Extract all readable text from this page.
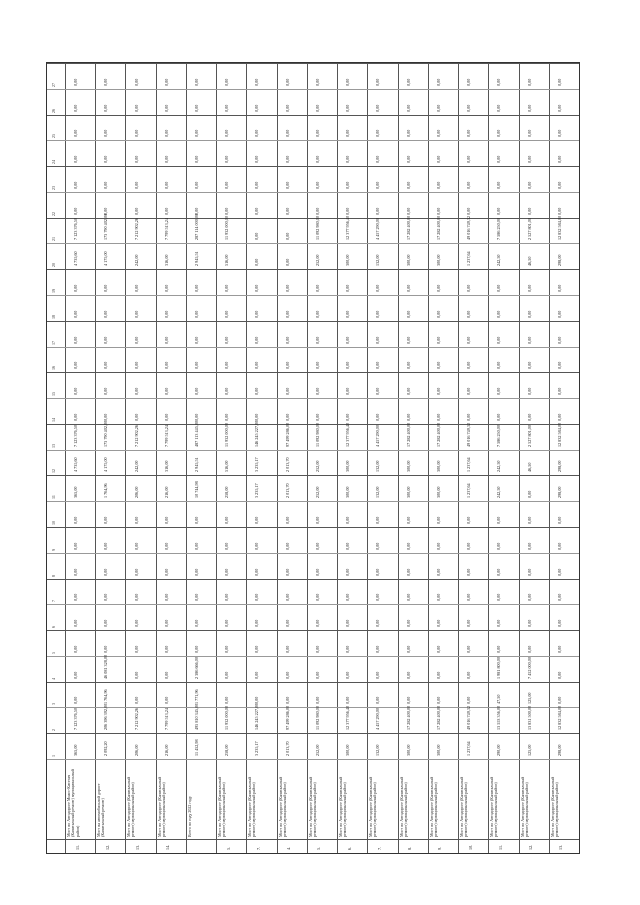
1
2
3
4
5
6
7
8
9
10
11
12
13
14
15
16
17
18
19
20
21
22
23
24
25
26
27
11.
Мост по Автодороге Миасс-Кисегач (Капитальный ремонт) муниципальный район)
365,00
7 123 376,50
0,00
0,00
0,00
0,00
0,00
0,00
0,00
0,00
365,00
4 735,60
7 123 376,50
0,00
0,00
0,00
0,00
0,00
0,00
4 735,60
7 123 376,50
0,00
0,00
0,00
0,00
0,00
0,00
12.
Мост на автомобильной дороге (Капитальный ремонт)
2 092,20
206 396 392,00
1 764,96
46 081 328,00
0,00
0,00
0,00
0,00
0,00
0,00
1 764,96
4 175,00
173 790 402,00
0,00
0,00
0,00
0,00
0,00
0,00
4 175,00
173 790 402,00
0,00
0,00
0,00
0,00
0,00
0,00
13.
Мост по Автодороге (Капитальный ремонт) муниципальный район)
206,00
7 212 902,26
0,00
0,00
0,00
0,00
0,00
0,00
0,00
0,00
206,00
242,00
7 212 902,26
0,00
0,00
0,00
0,00
0,00
0,00
242,00
7 212 902,26
0,00
0,00
0,00
0,00
0,00
0,00
14.
Мост по Автодороге (Капитальный ремонт) муниципальный район)
216,00
7 799 513,24
0,00
0,00
0,00
0,00
0,00
0,00
0,00
0,00
216,00
316,00
7 799 513,24
0,00
0,00
0,00
0,00
0,00
0,00
316,00
7 799 513,24
0,00
0,00
0,00
0,00
0,00
0,00
Всего по году 2022 году
11 452,98
495 810 345,00
1 771,96
2 386 666,00
0,00
0,00
0,00
0,00
0,00
0,00
10 744,98
2 945,51
487 113 445,00
0,00
0,00
0,00
0,00
0,00
0,00
2 945,51
287 114 000,00
0,00
0,00
0,00
0,00
0,00
0,00
5.
Мост по Автодороге (Капитальный ремонт) муниципальный район)
258,00
11 932 000,00
0,00
0,00
0,00
0,00
0,00
0,00
0,00
0,00
258,00
516,00
11 932 000,00
0,00
0,00
0,00
0,00
0,00
0,00
516,00
11 932 000,00
0,00
0,00
0,00
0,00
0,00
0,00
7.
Мост по Автодороге (Капитальный ремонт) муниципальный район)
3 235,17
146 245 227,00
0,00
0,00
0,00
0,00
0,00
0,00
0,00
0,00
3 235,17
3 235,17
146 245 227,00
0,00
0,00
0,00
0,00
0,00
0,00
0,00
0,00
0,00
0,00
0,00
0,00
0,00
0,00
4.
Мост по Автодороге (Капитальный ремонт) муниципальный район)
2 013,70
97 499 286,00
0,00
0,00
0,00
0,00
0,00
0,00
0,00
0,00
2 013,70
2 013,70
97 499 286,00
0,00
0,00
0,00
0,00
0,00
0,00
0,00
0,00
0,00
0,00
0,00
0,00
0,00
0,00
5.
Мост по Автодороге (Капитальный ремонт) муниципальный район)
252,00
11 092 980,00
0,00
0,00
0,00
0,00
0,00
0,00
0,00
0,00
252,00
252,00
11 092 980,00
0,00
0,00
0,00
0,00
0,00
0,00
252,00
11 092 980,00
0,00
0,00
0,00
0,00
0,00
0,00
6.
Мост по Автодороге (Капитальный ремонт) муниципальный район)
300,00
12 377 956,40
0,00
0,00
0,00
0,00
0,00
0,00
0,00
0,00
300,00
300,00
12 377 956,40
0,00
0,00
0,00
0,00
0,00
0,00
300,00
12 377 956,40
0,00
0,00
0,00
0,00
0,00
0,00
7.
Мост по Автодороге (Капитальный ремонт) муниципальный район)
132,00
4 457 290,00
0,00
0,00
0,00
0,00
0,00
0,00
0,00
0,00
132,00
132,00
4 457 290,00
0,00
0,00
0,00
0,00
0,00
0,00
132,00
4 457 290,00
0,00
0,00
0,00
0,00
0,00
0,00
8.
Мост по Автодороге (Капитальный ремонт) муниципальный район)
300,00
17 282 400,00
0,00
0,00
0,00
0,00
0,00
0,00
0,00
0,00
300,00
300,00
17 282 400,00
0,00
0,00
0,00
0,00
0,00
0,00
300,00
17 282 400,00
0,00
0,00
0,00
0,00
0,00
0,00
9.
Мост по Автодороге (Капитальный ремонт) муниципальный район)
300,00
17 282 400,00
0,00
0,00
0,00
0,00
0,00
0,00
0,00
0,00
300,00
300,00
17 282 400,00
0,00
0,00
0,00
0,00
0,00
0,00
300,00
17 282 400,00
0,00
0,00
0,00
0,00
0,00
0,00
10.
Мост по Автодороге (Капитальный ремонт) муниципальный район)
1 237,64
49 016 749,32
0,00
0,00
0,00
0,00
0,00
0,00
0,00
0,00
1 237,64
1 237,64
49 016 749,32
0,00
0,00
0,00
0,00
0,00
0,00
1 237,64
49 016 749,32
0,00
0,00
0,00
0,00
0,00
0,00
11.
Мост по Автодороге (Капитальный ремонт) муниципальный район)
290,00
13 553 356,00
47,50
1 981 800,00
0,00
0,00
0,00
0,00
0,00
0,00
242,50
242,50
7 586 250,00
0,00
0,00
0,00
0,00
0,00
0,00
242,50
7 586 250,00
0,00
0,00
0,00
0,00
0,00
0,00
12.
Мост по Автодороге (Капитальный ремонт) муниципальный район)
125,00
13 831 500,00
125,00
7 452 000,00
0,00
0,00
0,00
0,00
0,00
0,00
0,00
46,50
2 527 801,00
0,00
0,00
0,00
0,00
0,00
0,00
46,50
2 527 801,00
0,00
0,00
0,00
0,00
0,00
0,00
13.
Мост по Автодороге (Капитальный ремонт) муниципальный район)
298,00
12 832 584,00
0,00
0,00
0,00
0,00
0,00
0,00
0,00
0,00
298,00
298,00
12 832 584,00
0,00
0,00
0,00
0,00
0,00
0,00
298,00
12 832 584,00
0,00
0,00
0,00
0,00
0,00
0,00
